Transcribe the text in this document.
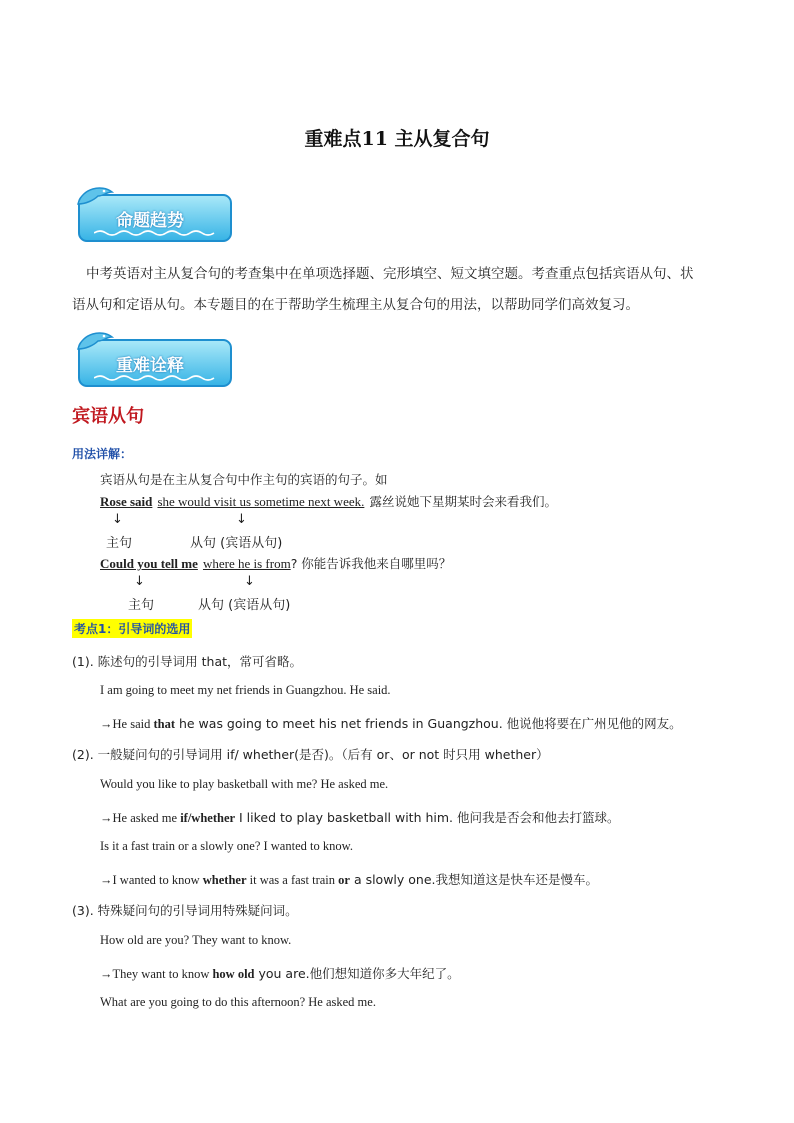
重难点11 主从复合句
命题趋势
中考英语对主从复合句的考查集中在单项选择题、完形填空、短文填空题。考查重点包括宾语从句、状
语从句和定语从句。本专题目的在于帮助学生梳理主从复合句的用法，以帮助同学们高效复习。
重难诠释
宾语从句
用法详解：
宾语从句是在主从复合句中作主句的宾语的句子。如
Rose said she would visit us sometime next week. 露丝说她下星期某时会来看我们。
↓	↓
主句	从句 (宾语从句)
Could you tell me where he is from? 你能告诉我他来自哪里吗？
↓	↓
主句	从句 (宾语从句)
考点1：引导词的选用
(1). 陈述句的引导词用 that，常可省略。
I am going to meet my net friends in Guangzhou. He said.
→He said that he was going to meet his net friends in Guangzhou. 他说他将要在广州见他的网友。
(2). 一般疑问句的引导词用 if/ whether(是否)。（后有 or、or not 时只用 whether）
Would you like to play basketball with me? He asked me.
→He asked me if/whether I liked to play basketball with him. 他问我是否会和他去打篮球。
Is it a fast train or a slowly one? I wanted to know.
→I wanted to know whether it was a fast train or a slowly one.我想知道这是快车还是慢车。
(3). 特殊疑问句的引导词用特殊疑问词。
How old are you? They want to know.
→They want to know how old you are.他们想知道你多大年纪了。
What are you going to do this afternoon? He asked me.
